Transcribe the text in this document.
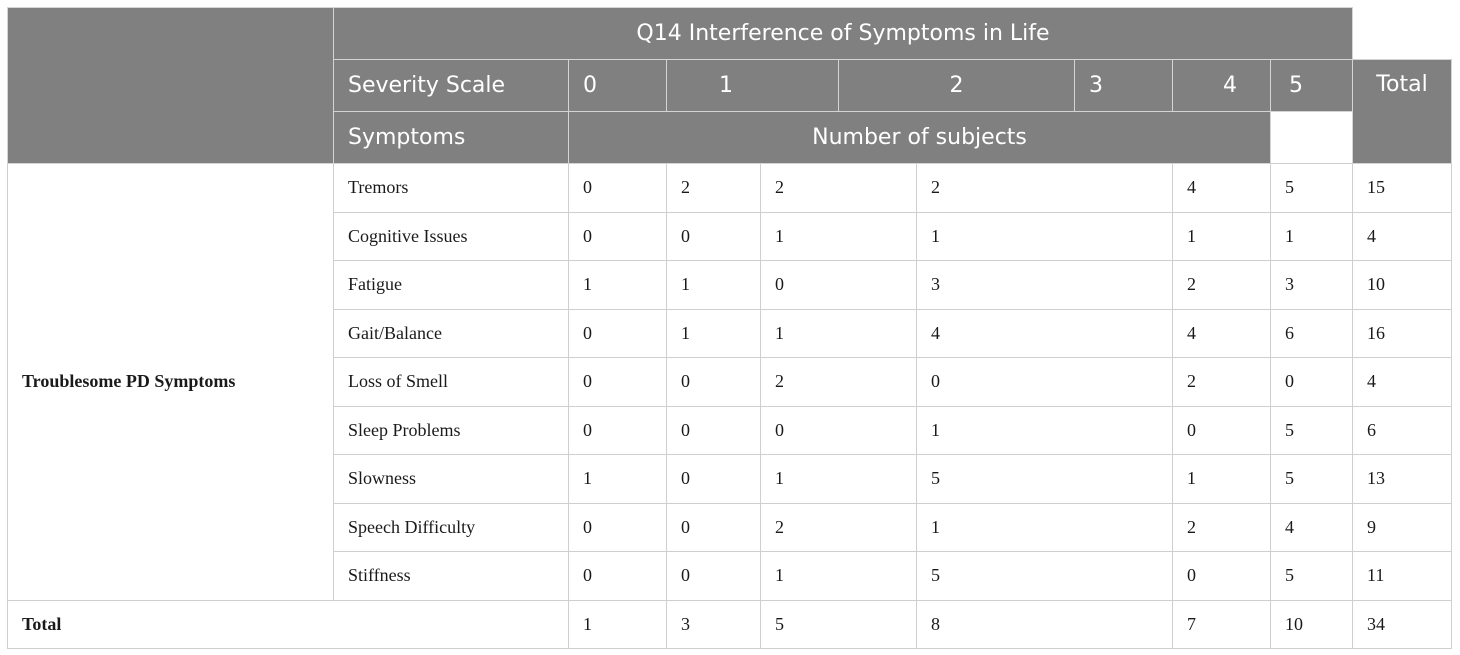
	Q14 Interference of Symptoms in Life									
	Severity Scale	0	1		2		3	4	5	Total
	Symptoms	Number of subjects								
Troublesome PD Symptoms	Tremors	0	2	2		2		4	5	15
	Cognitive Issues	0	0	1		1		1	1	4
	Fatigue	1	1	0		3		2	3	10
	Gait/Balance	0	1	1		4		4	6	16
	Loss of Smell	0	0	2		0		2	0	4
	Sleep Problems	0	0	0		1		0	5	6
	Slowness	1	0	1		5		1	5	13
	Speech Difficulty	0	0	2		1		2	4	9
	Stiffness	0	0	1		5		0	5	11
Total		1	3	5		8		7	10	34
